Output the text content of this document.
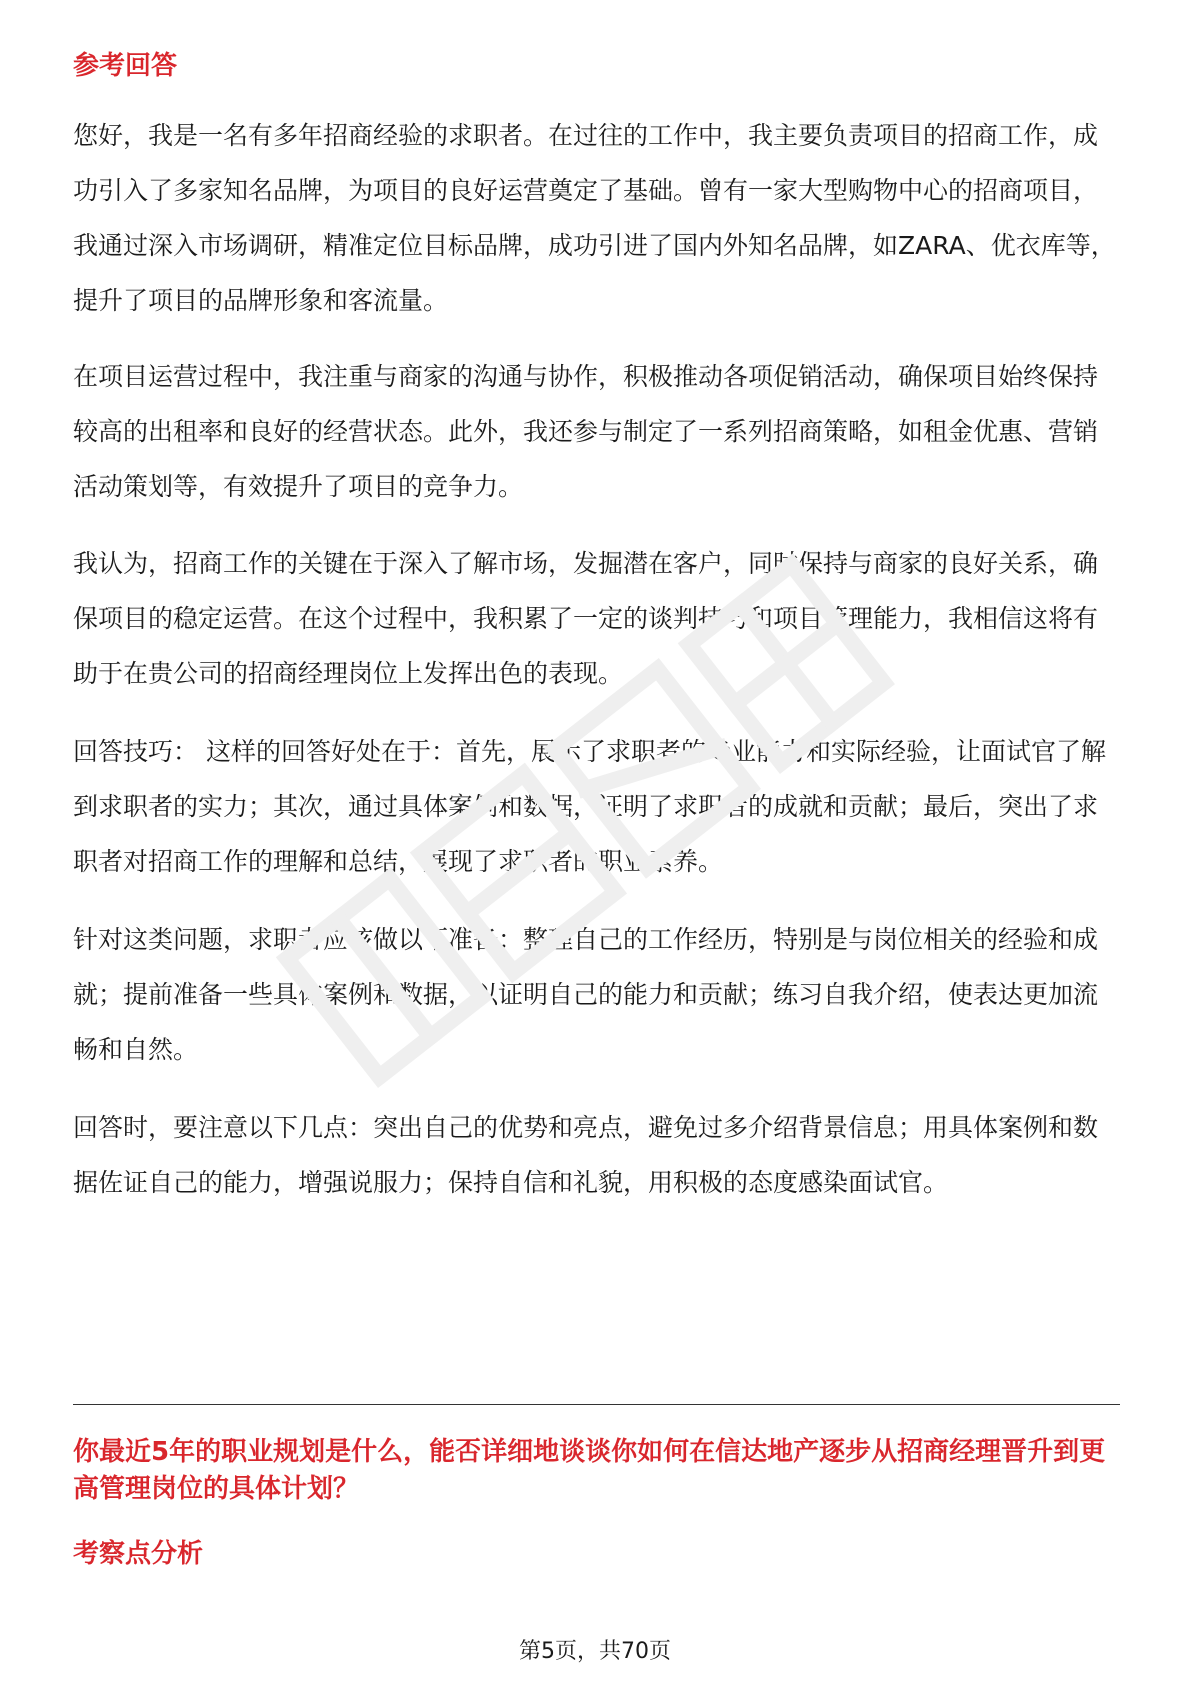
参考回答

您好，我是一名有多年招商经验的求职者。在过往的工作中，我主要负责项目的招商工作，成功引入了多家知名品牌，为项目的良好运营奠定了基础。曾有一家大型购物中心的招商项目，我通过深入市场调研，精准定位目标品牌，成功引进了国内外知名品牌，如ZARA、优衣库等，提升了项目的品牌形象和客流量。

在项目运营过程中，我注重与商家的沟通与协作，积极推动各项促销活动，确保项目始终保持较高的出租率和良好的经营状态。此外，我还参与制定了一系列招商策略，如租金优惠、营销活动策划等，有效提升了项目的竞争力。

我认为，招商工作的关键在于深入了解市场，发掘潜在客户，同时保持与商家的良好关系，确保项目的稳定运营。在这个过程中，我积累了一定的谈判技巧和项目管理能力，我相信这将有助于在贵公司的招商经理岗位上发挥出色的表现。

回答技巧： 这样的回答好处在于：首先，展示了求职者的专业能力和实际经验，让面试官了解到求职者的实力；其次，通过具体案例和数据，证明了求职者的成就和贡献；最后，突出了求职者对招商工作的理解和总结，展现了求职者的职业素养。

针对这类问题，求职者应该做以下准备：整理自己的工作经历，特别是与岗位相关的经验和成就；提前准备一些具体案例和数据，以证明自己的能力和贡献；练习自我介绍，使表达更加流畅和自然。

回答时，要注意以下几点：突出自己的优势和亮点，避免过多介绍背景信息；用具体案例和数据佐证自己的能力，增强说服力；保持自信和礼貌，用积极的态度感染面试官。

你最近5年的职业规划是什么，能否详细地谈谈你如何在信达地产逐步从招商经理晋升到更高管理岗位的具体计划？

考察点分析
第5页，共70页
